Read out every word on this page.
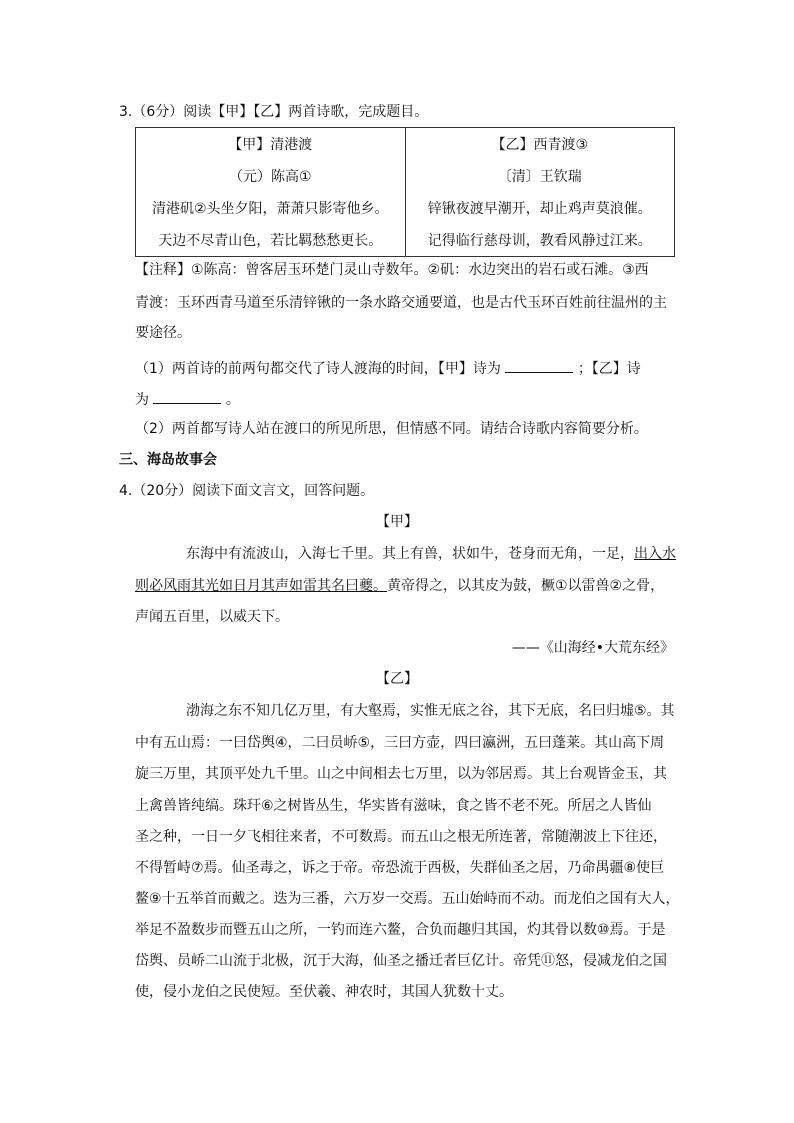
3.（6分）阅读【甲】【乙】两首诗歌，完成题目。
【甲】清港渡
（元）陈高①
清港矶②头坐夕阳，萧萧只影寄他乡。
天边不尽青山色，若比羁愁愁更长。
【乙】西青渡③
〔清〕王钦瑞
锌锹夜渡早潮开，却止鸡声莫浪催。
记得临行慈母训，教看风静过江来。
【注释】①陈高：曾客居玉环楚门灵山寺数年。②矶：水边突出的岩石或石滩。③西
青渡：玉环西青马道至乐清锌锹的一条水路交通要道，也是古代玉环百姓前往温州的主
要途径。
（1）两首诗的前两句都交代了诗人渡海的时间，【甲】诗为	；【乙】诗
为	。
（2）两首都写诗人站在渡口的所见所思，但情感不同。请结合诗歌内容简要分析。
三、海岛故事会
4.（20分）阅读下面文言文，回答问题。
【甲】
东海中有流波山，入海七千里。其上有兽，状如牛，苍身而无角，一足，出入水
则必风雨其光如日月其声如雷其名曰夔。黄帝得之，以其皮为鼓，橛①以雷兽②之骨，
声闻五百里，以威天下。
——《山海经•大荒东经》
【乙】
渤海之东不知几亿万里，有大壑焉，实惟无底之谷，其下无底，名曰归墟⑤。其
中有五山焉：一曰岱舆④，二曰员峤⑤，三曰方壶，四曰瀛洲，五曰蓬莱。其山高下周
旋三万里，其顶平处九千里。山之中间相去七万里，以为邻居焉。其上台观皆金玉，其
上禽兽皆纯缟。珠玕⑥之树皆丛生，华实皆有滋味，食之皆不老不死。所居之人皆仙
圣之种，一日一夕飞相往来者，不可数焉。而五山之根无所连著，常随潮波上下往还，
不得暂峙⑦焉。仙圣毒之，诉之于帝。帝恐流于西极，失群仙圣之居，乃命禺疆⑧使巨
鳌⑨十五举首而戴之。迭为三番，六万岁一交焉。五山始峙而不动。而龙伯之国有大人，
举足不盈数步而暨五山之所，一钓而连六鳌，合负而趣归其国，灼其骨以数⑩焉。于是
岱舆、员峤二山流于北极，沉于大海，仙圣之播迁者巨亿计。帝凭⑪怒，侵减龙伯之国
使，侵小龙伯之民使短。至伏羲、神农时，其国人犹数十丈。
